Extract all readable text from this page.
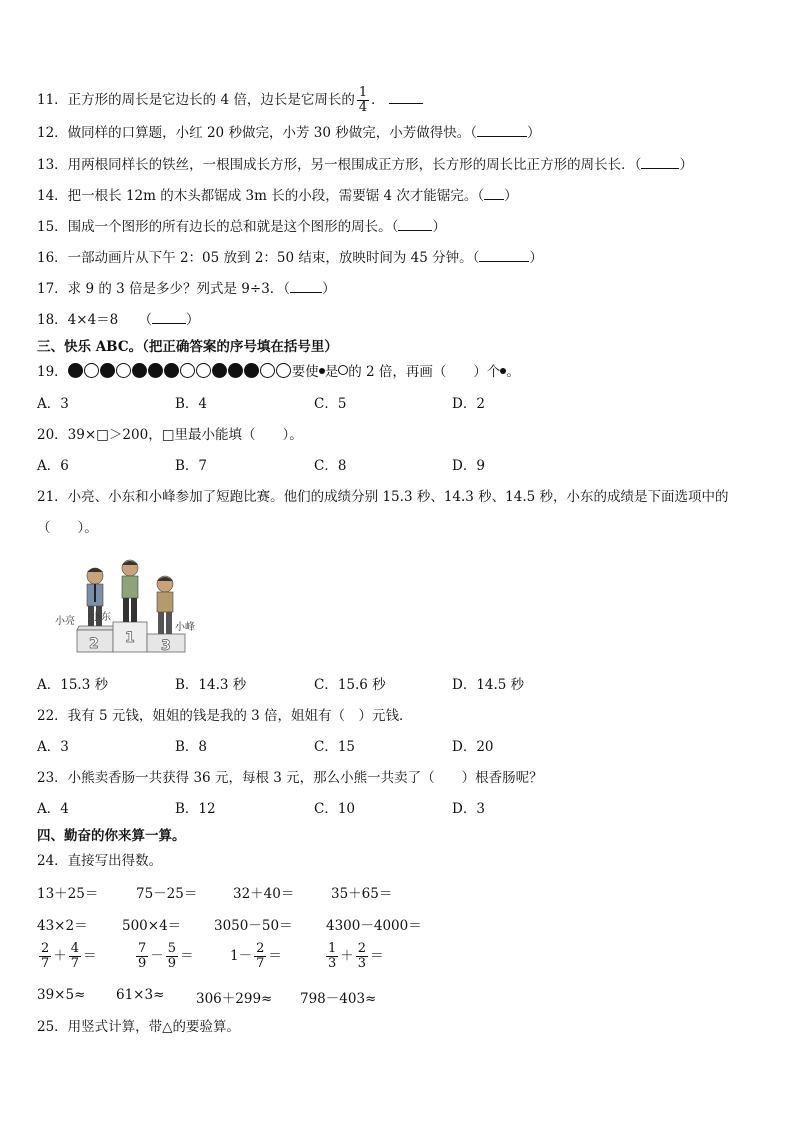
11．正方形的周长是它边长的 4 倍，边长是它周长的 $\frac{1}{4}$ ．
12．做同样的口算题，小红 20 秒做完，小芳 30 秒做完，小芳做得快。（	）
13．用两根同样长的铁丝，一根围成长方形，另一根围成正方形，长方形的周长比正方形的周长长．（	）
14．把一根长 12m 的木头都锯成 3m 长的小段，需要锯 4 次才能锯完。（ ）
15．围成一个图形的所有边长的总和就是这个图形的周长。（	）
16．一部动画片从下午 2：05 放到 2：50 结束，放映时间为 45 分钟。（	）
17．求 9 的 3 倍是多少？列式是 9÷3．（ ）
18．4×4＝8　　（	）
三、快乐 ABC。（把正确答案的序号填在括号里）
19．	要使 是 的 2 倍，再画（　　）个 。
A．3	B．4	C．5	D．2
20．39×□＞200，□里最小能填（　　）。
A．6	B．7	C．8	D．9
21．小亮、小东和小峰参加了短跑比赛。他们的成绩分别 15.3 秒、14.3 秒、14.5 秒，小东的成绩是下面选项中的
（　　）。
2 1 3
小亮 小东
小峰
A．15.3 秒	B．14.3 秒	C．15.6 秒	D．14.5 秒
22．我有 5 元钱，姐姐的钱是我的 3 倍，姐姐有（　）元钱．
A．3	B．8	C．15	D．20
23．小熊卖香肠一共获得 36 元，每根 3 元，那么小熊一共卖了（　　）根香肠呢？
A．4	B．12	C．10	D．3
四、勤奋的你来算一算。
24．直接写出得数。
13＋25＝	75－25＝	32＋40＝	35＋65＝
43×2＝	500×4＝ 3050－50＝ 4300－4000＝
$\frac{2}{7} + \frac{4}{7}$ ＝	$\frac{7}{9} - \frac{5}{9}$ ＝	$1- \frac{2}{7}$ ＝	$\frac{1}{3} + \frac{2}{3}$ ＝
39×5≈ 61×3≈ 306＋299≈ 798－403≈
25．用竖式计算，带△的要验算。
